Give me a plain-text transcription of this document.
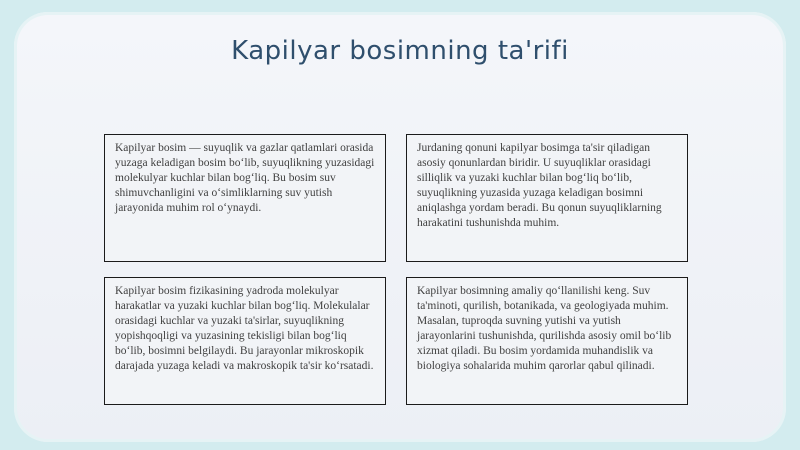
Kapilyar bosimning ta'rifi
Kapilyar bosim — suyuqlik va gazlar qatlamlari orasida yuzaga keladigan bosim bo‘lib, suyuqlikning yuzasidagi molekulyar kuchlar bilan bog‘liq. Bu bosim suv shimuvchanligini va o‘simliklarning suv yutish jarayonida muhim rol o‘ynaydi.
Jurdaning qonuni kapilyar bosimga ta'sir qiladigan asosiy qonunlardan biridir. U suyuqliklar orasidagi silliqlik va yuzaki kuchlar bilan bog‘liq bo‘lib, suyuqlikning yuzasida yuzaga keladigan bosimni aniqlashga yordam beradi. Bu qonun suyuqliklarning harakatini tushunishda muhim.
Kapilyar bosim fizikasining yadroda molekulyar harakatlar va yuzaki kuchlar bilan bog‘liq. Molekulalar orasidagi kuchlar va yuzaki ta'sirlar, suyuqlikning yopishqoqligi va yuzasining tekisligi bilan bog‘liq bo‘lib, bosimni belgilaydi. Bu jarayonlar mikroskopik darajada yuzaga keladi va makroskopik ta'sir ko‘rsatadi.
Kapilyar bosimning amaliy qo‘llanilishi keng. Suv ta'minoti, qurilish, botanikada, va geologiyada muhim. Masalan, tuproqda suvning yutishi va yutish jarayonlarini tushunishda, qurilishda asosiy omil bo‘lib xizmat qiladi. Bu bosim yordamida muhandislik va biologiya sohalarida muhim qarorlar qabul qilinadi.
